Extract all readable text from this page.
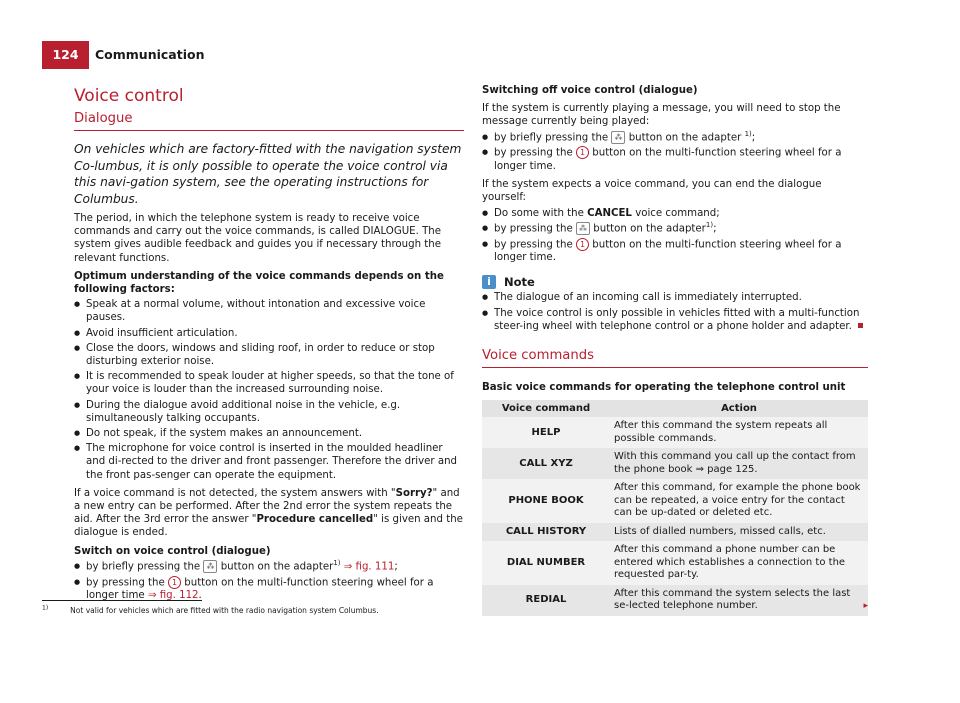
124	Communication
Voice control
Dialogue
On vehicles which are factory-fitted with the navigation system Co-lumbus, it is only possible to operate the voice control via this navi-gation system, see the operating instructions for Columbus.

The period, in which the telephone system is ready to receive voice commands and carry out the voice commands, is called DIALOGUE. The system gives audible feedback and guides you if necessary through the relevant functions.

Optimum understanding of the voice commands depends on the following factors:

● Speak at a normal volume, without intonation and excessive voice pauses.
● Avoid insufficient articulation.
● Close the doors, windows and sliding roof, in order to reduce or stop disturbing exterior noise.
● It is recommended to speak louder at higher speeds, so that the tone of your voice is louder than the increased surrounding noise.
● During the dialogue avoid additional noise in the vehicle, e.g. simultaneously talking occupants.
● Do not speak, if the system makes an announcement.
● The microphone for voice control is inserted in the moulded headliner and di-rected to the driver and front passenger. Therefore the driver and the front pas-senger can operate the equipment.

If a voice command is not detected, the system answers with "Sorry?" and a new entry can be performed. After the 2nd error the system repeats the aid. After the 3rd error the answer "Procedure cancelled" is given and the dialogue is ended.

Switch on voice control (dialogue)

● by briefly pressing the ⁂ button on the adapter$^{1)}$ ⇒ fig. 111;
● by pressing the 1 button on the multi-function steering wheel for a longer time ⇒ fig. 112.
Switching off voice control (dialogue)

If the system is currently playing a message, you will need to stop the message currently being played:

● by briefly pressing the ⁂ button on the adapter $^{1)}$;
● by pressing the 1 button on the multi-function steering wheel for a longer time.

If the system expects a voice command, you can end the dialogue yourself:

● Do some with the CANCEL voice command;
● by pressing the ⁂ button on the adapter$^{1)}$;
● by pressing the 1 button on the multi-function steering wheel for a longer time.
i	Note
● The dialogue of an incoming call is immediately interrupted.
● The voice control is only possible in vehicles fitted with a multi-function steer-ing wheel with telephone control or a phone holder and adapter.
Voice commands

Basic voice commands for operating the telephone control unit

Voice command	Action
HELP	After this command the system repeats all possible commands.
CALL XYZ	With this command you call up the contact from the phone book ⇒ page 125.
PHONE BOOK	After this command, for example the phone book can be repeated, a voice entry for the contact can be up-dated or deleted etc.
CALL HISTORY	Lists of dialled numbers, missed calls, etc.
DIAL NUMBER	After this command a phone number can be entered which establishes a connection to the requested par-ty.
REDIAL	After this command the system selects the last se-lected telephone number.	▸
$^{1)}$	Not valid for vehicles which are fitted with the radio navigation system Columbus.
